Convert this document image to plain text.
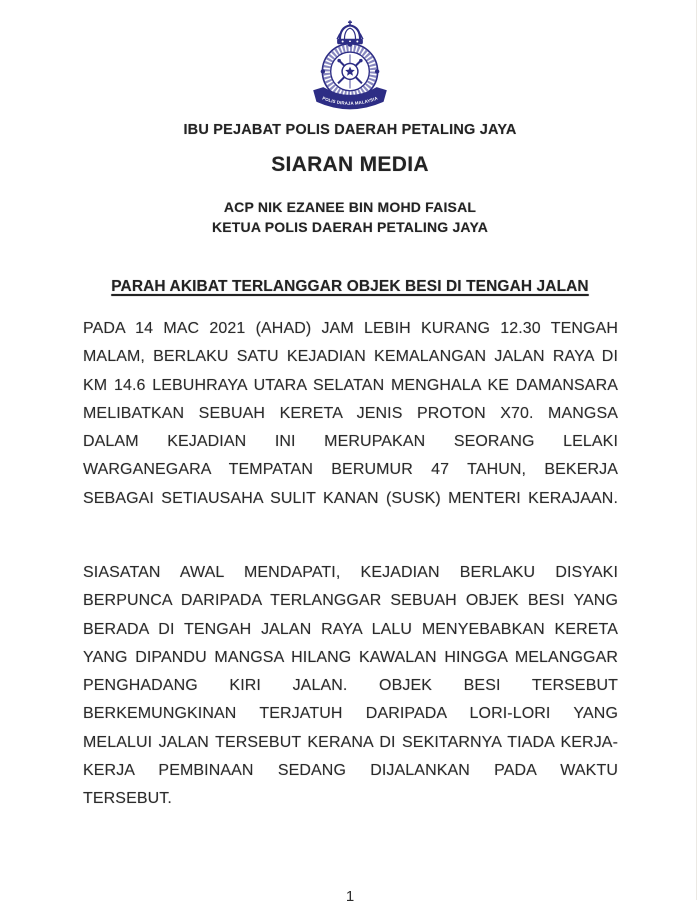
POLIS DIRAJA MALAYSIA
IBU PEJABAT POLIS DAERAH PETALING JAYA
SIARAN MEDIA
ACP NIK EZANEE BIN MOHD FAISAL
KETUA POLIS DAERAH PETALING JAYA
PARAH AKIBAT TERLANGGAR OBJEK BESI DI TENGAH JALAN
PADA 14 MAC 2021 (AHAD) JAM LEBIH KURANG 12.30 TENGAH
MALAM, BERLAKU SATU KEJADIAN KEMALANGAN JALAN RAYA DI
KM 14.6 LEBUHRAYA UTARA SELATAN MENGHALA KE DAMANSARA
MELIBATKAN SEBUAH KERETA JENIS PROTON X70. MANGSA
DALAM KEJADIAN INI MERUPAKAN SEORANG LELAKI
WARGANEGARA TEMPATAN BERUMUR 47 TAHUN, BEKERJA
SEBAGAI SETIAUSAHA SULIT KANAN (SUSK) MENTERI KERAJAAN.
SIASATAN AWAL MENDAPATI, KEJADIAN BERLAKU DISYAKI
BERPUNCA DARIPADA TERLANGGAR SEBUAH OBJEK BESI YANG
BERADA DI TENGAH JALAN RAYA LALU MENYEBABKAN KERETA
YANG DIPANDU MANGSA HILANG KAWALAN HINGGA MELANGGAR
PENGHADANG KIRI JALAN. OBJEK BESI TERSEBUT
BERKEMUNGKINAN TERJATUH DARIPADA LORI-LORI YANG
MELALUI JALAN TERSEBUT KERANA DI SEKITARNYA TIADA KERJA-
KERJA PEMBINAAN SEDANG DIJALANKAN PADA WAKTU
TERSEBUT.
1
